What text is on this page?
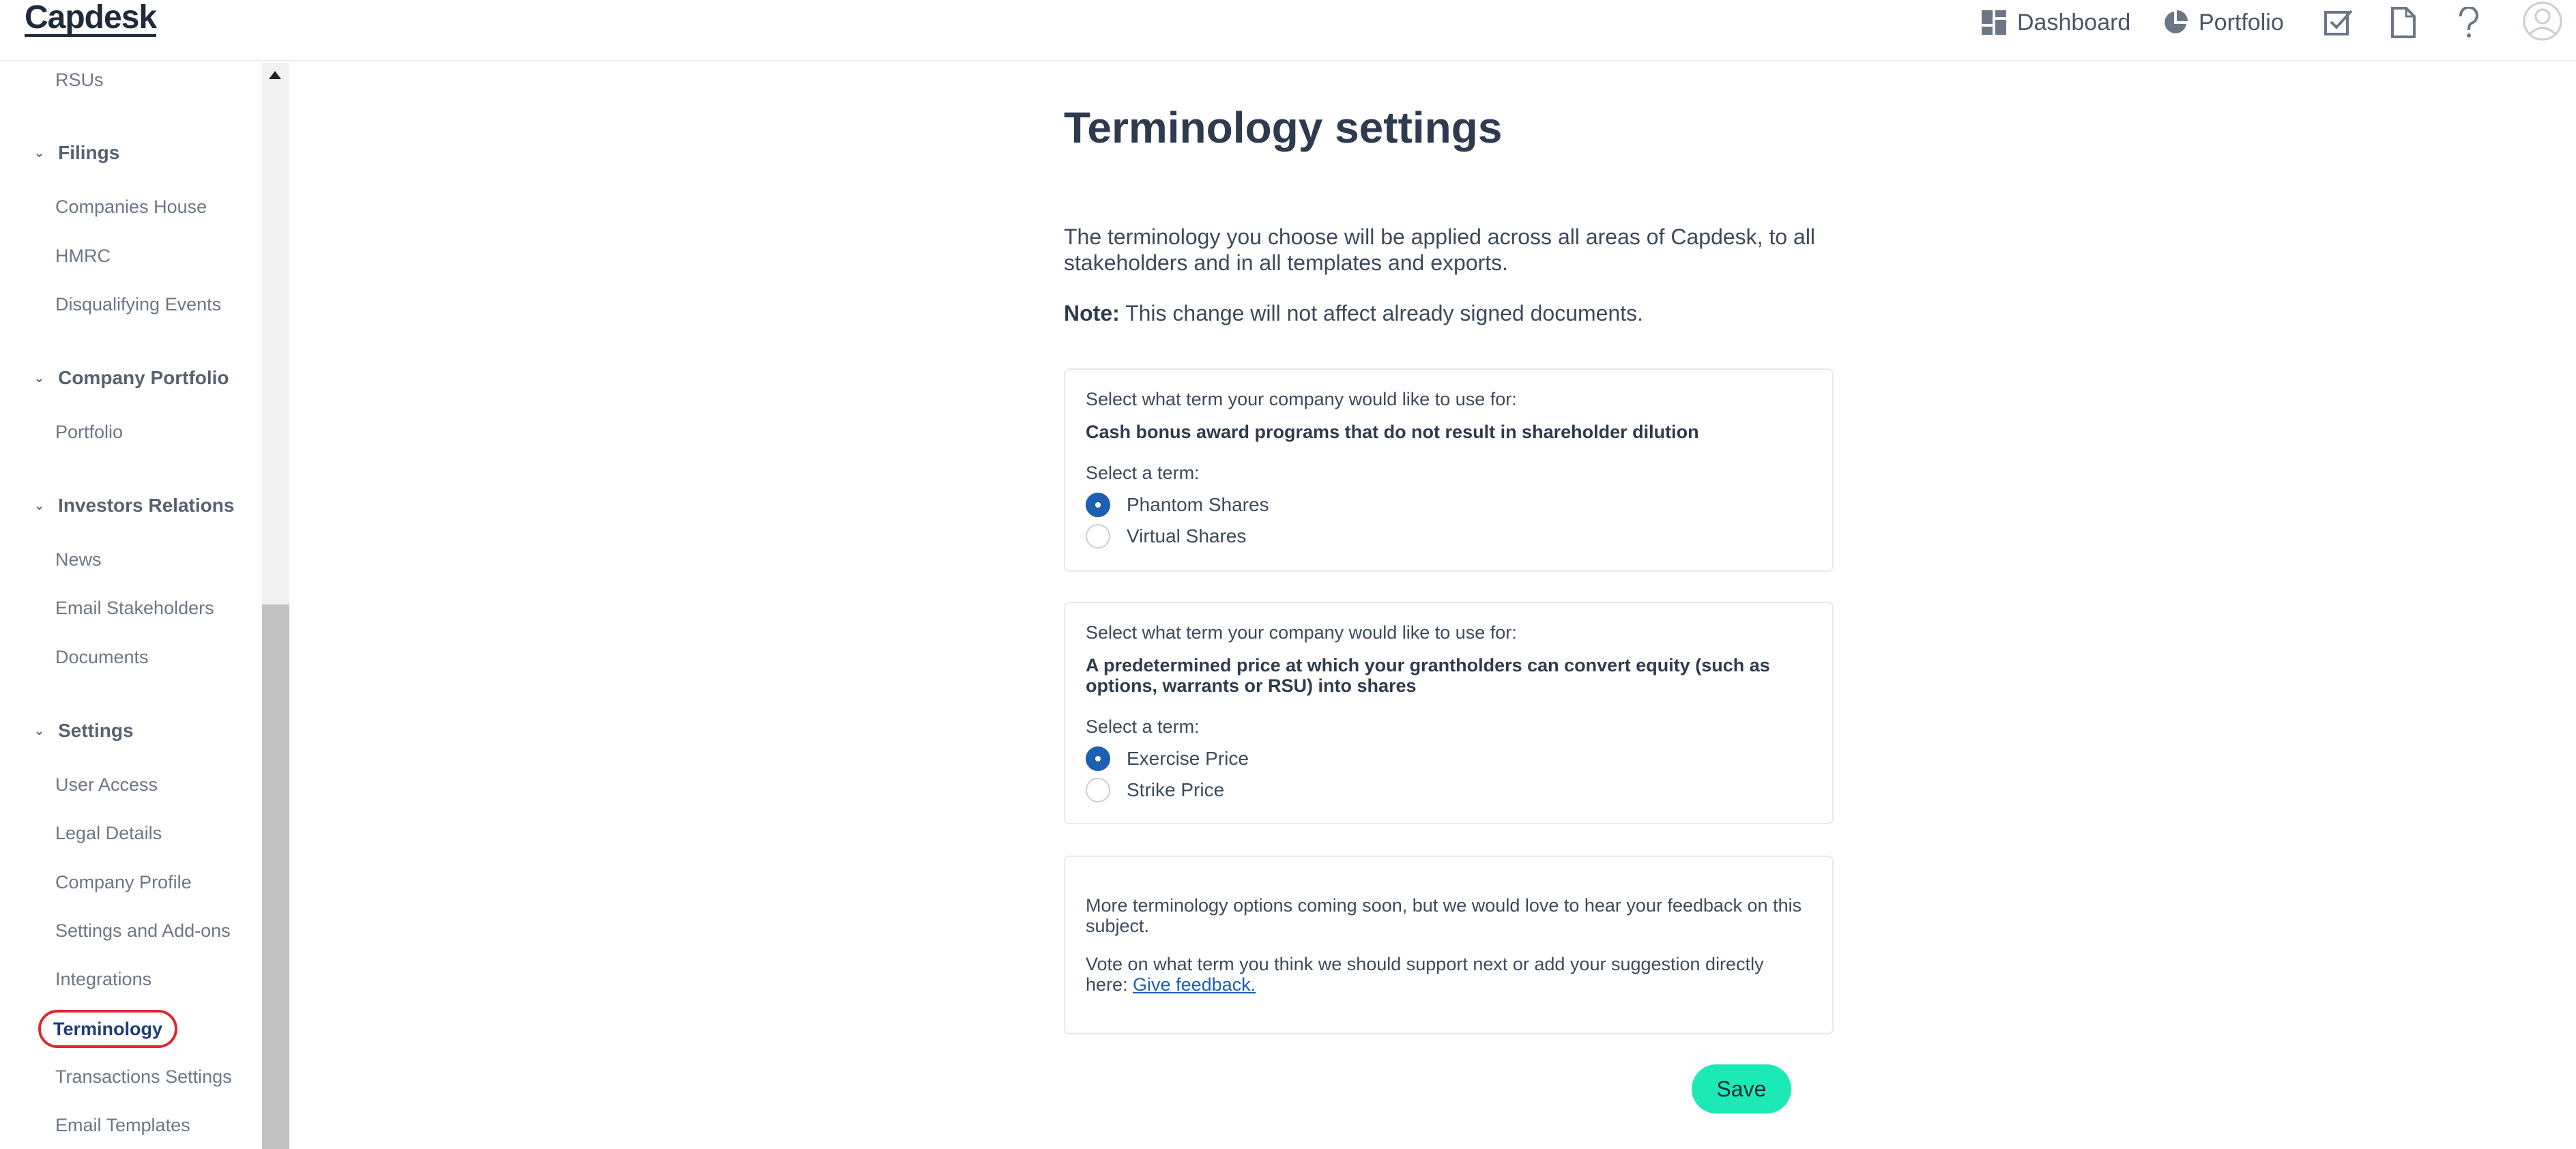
Capdesk	Dashboard	Portfolio
RSUs
⌄ Filings
Companies House
HMRC
Disqualifying Events
⌄ Company Portfolio
Portfolio
⌄ Investors Relations
News
Email Stakeholders
Documents
⌄ Settings
User Access
Legal Details
Company Profile
Settings and Add-ons
Integrations
Terminology
Transactions Settings
Email Templates
Terminology settings
The terminology you choose will be applied across all areas of Capdesk, to all stakeholders and in all templates and exports.
Note: This change will not affect already signed documents.
Select what term your company would like to use for:
Cash bonus award programs that do not result in shareholder dilution
Select a term:
Phantom Shares
Virtual Shares
Select what term your company would like to use for:
A predetermined price at which your grantholders can convert equity (such as options, warrants or RSU) into shares
Select a term:
Exercise Price
Strike Price
More terminology options coming soon, but we would love to hear your feedback on this subject.
Vote on what term you think we should support next or add your suggestion directly here: Give feedback.
Save
